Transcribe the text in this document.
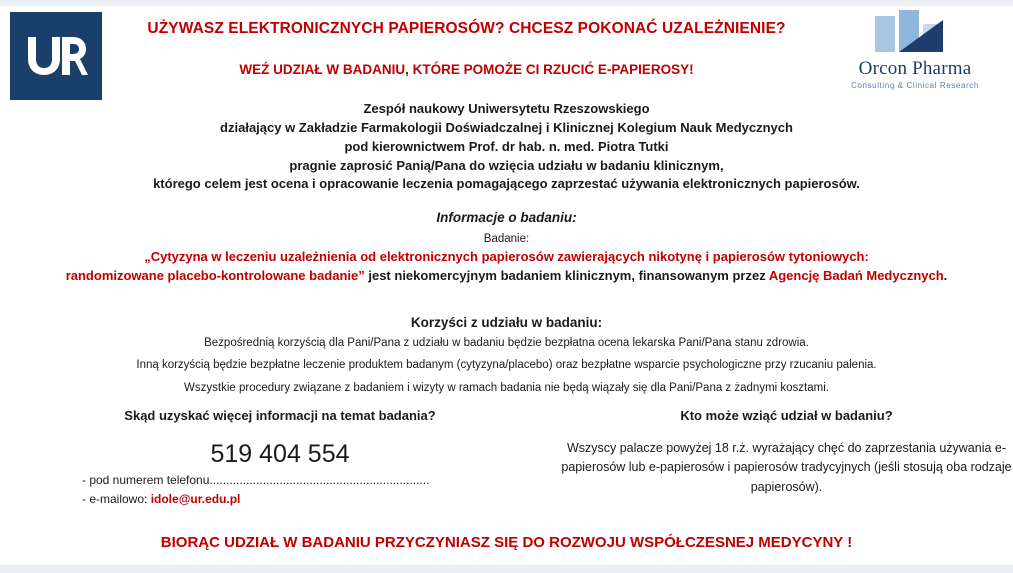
Orcon Pharma
Consulting & Clinical Research
UŻYWASZ ELEKTRONICZNYCH PAPIEROSÓW? CHCESZ POKONAĆ UZALEŻNIENIE?
WEŹ UDZIAŁ W BADANIU, KTÓRE POMOŻE CI RZUCIĆ E-PAPIEROSY!
Zespół naukowy Uniwersytetu Rzeszowskiego
działający w Zakładzie Farmakologii Doświadczalnej i Klinicznej Kolegium Nauk Medycznych
pod kierownictwem Prof. dr hab. n. med. Piotra Tutki
pragnie zaprosić Panią/Pana do wzięcia udziału w badaniu klinicznym,
którego celem jest ocena i opracowanie leczenia pomagającego zaprzestać używania elektronicznych papierosów.
Informacje o badaniu:
Badanie:
„Cytyzyna w leczeniu uzależnienia od elektronicznych papierosów zawierających nikotynę i papierosów tytoniowych:
randomizowane placebo-kontrolowane badanie” jest niekomercyjnym badaniem klinicznym, finansowanym przez Agencję Badań Medycznych.
Korzyści z udziału w badaniu:

Bezpośrednią korzyścią dla Pani/Pana z udziału w badaniu będzie bezpłatna ocena lekarska Pani/Pana stanu zdrowia.

Inną korzyścią będzie bezpłatne leczenie produktem badanym (cytyzyna/placebo) oraz bezpłatne wsparcie psychologiczne przy rzucaniu palenia.

Wszystkie procedury związane z badaniem i wizyty w ramach badania nie będą wiązały się dla Pani/Pana z żadnymi kosztami.

Skąd uzyskać więcej informacji na temat badania?
519 404 554
- pod numerem telefonu..................................................................
- e-mailowo: idole@ur.edu.pl
Kto może wziąć udział w badaniu?

Wszyscy palacze powyżej 18 r.ż. wyrażający chęć do zaprzestania używania e-papierosów lub e-papierosów i papierosów tradycyjnych (jeśli stosują oba rodzaje papierosów).

BIORĄC UDZIAŁ W BADANIU PRZYCZYNIASZ SIĘ DO ROZWOJU WSPÓŁCZESNEJ MEDYCYNY !
